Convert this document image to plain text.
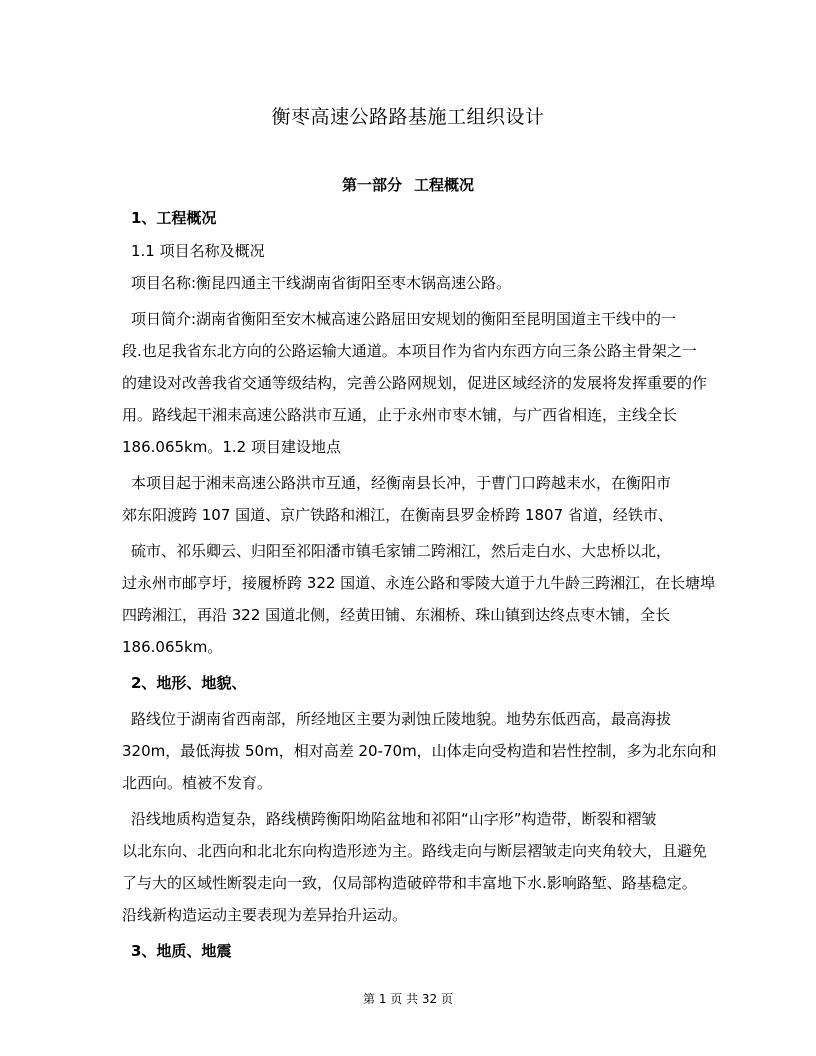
衡枣高速公路路基施工组织设计
第一部分 工程概况
1、工程概况
1.1 项目名称及概况
项目名称:衡昆四通主干线湖南省街阳至枣木锅高速公路。
项日简介:湖南省衡阳至安木械高速公路屈田安规划的衡阳至昆明国道主干线中的一
段.也足我省东北方向的公路运输大通道。本项目作为省内东西方向三条公路主骨架之一
的建设对改善我省交通等级结构，完善公路网规划，促进区域经济的发展将发挥重要的作
用。路线起干湘耒高速公路洪市互通，止于永州市枣木铺，与广西省相连，主线全长
186.065km。1.2 项目建设地点
本项目起于湘耒高速公路洪市互通，经衡南县长冲，于曹门口跨越耒水，在衡阳市
郊东阳渡跨 107 国道、京广铁路和湘江，在衡南县罗金桥跨 1807 省道，经铁市、
硫市、祁乐卿云、归阳至祁阳潘市镇毛家铺二跨湘江，然后走白水、大忠桥以北，
过永州市邮亨圩，接履桥跨 322 国道、永连公路和零陵大道于九牛龄三跨湘江，在长塘埠
四跨湘江，再沿 322 国道北侧，经黄田铺、东湘桥、珠山镇到达终点枣木铺，全长
186.065km。
2、地形、地貌、
路线位于湖南省西南部，所经地区主要为剥蚀丘陵地貌。地势东低西高，最高海拔
320m，最低海拔 50m，相对高差 20-70m，山体走向受构造和岩性控制，多为北东向和
北西向。植被不发育。
沿线地质构造复杂，路线横跨衡阳坳陷盆地和祁阳“山字形”构造带，断裂和褶皱
以北东向、北西向和北北东向构造形迹为主。路线走向与断层褶皱走向夹角较大，且避免
了与大的区域性断裂走向一致，仅局部构造破碎带和丰富地下水.影响路堑、路基稳定。
沿线新构造运动主要表现为差异抬升运动。
3、地质、地震
第 1 页 共 32 页
